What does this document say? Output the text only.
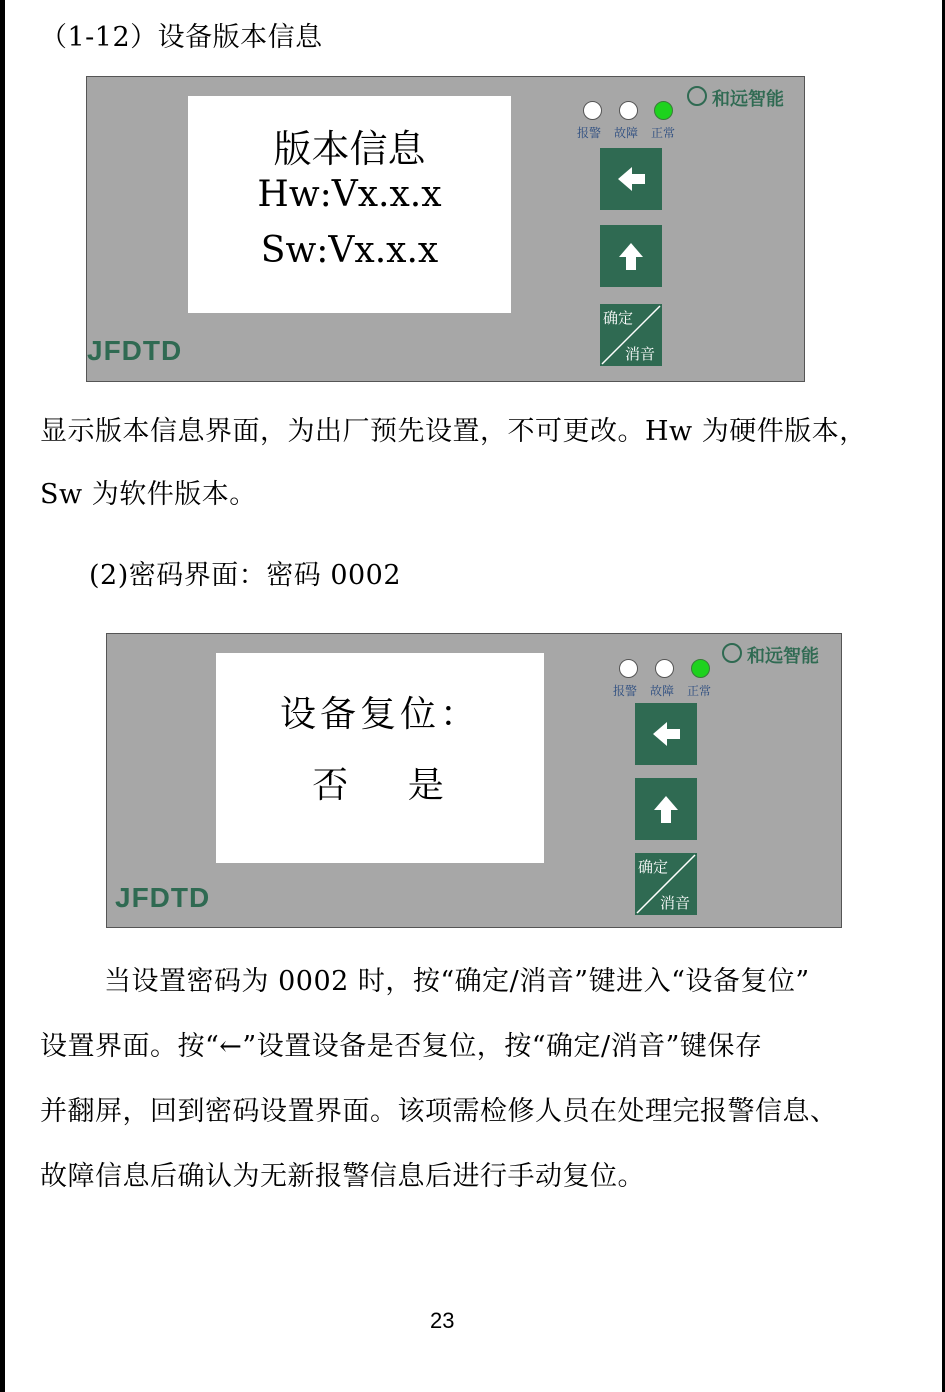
（1-12）设备版本信息
版本信息
Hw:Vx.x.x
Sw:Vx.x.x
和远智能
报警 故障 正常
确定
消音
JFDTD
显示版本信息界面，为出厂预先设置，不可更改。Hw 为硬件版本，
Sw 为软件版本。
(2)密码界面：密码 0002
设备复位：
否　 是
和远智能
报警 故障 正常
确定
消音
JFDTD
当设置密码为 0002 时，按“确定/消音”键进入“设备复位”
设置界面。按“←”设置设备是否复位，按“确定/消音”键保存
并翻屏，回到密码设置界面。该项需检修人员在处理完报警信息、
故障信息后确认为无新报警信息后进行手动复位。
23
